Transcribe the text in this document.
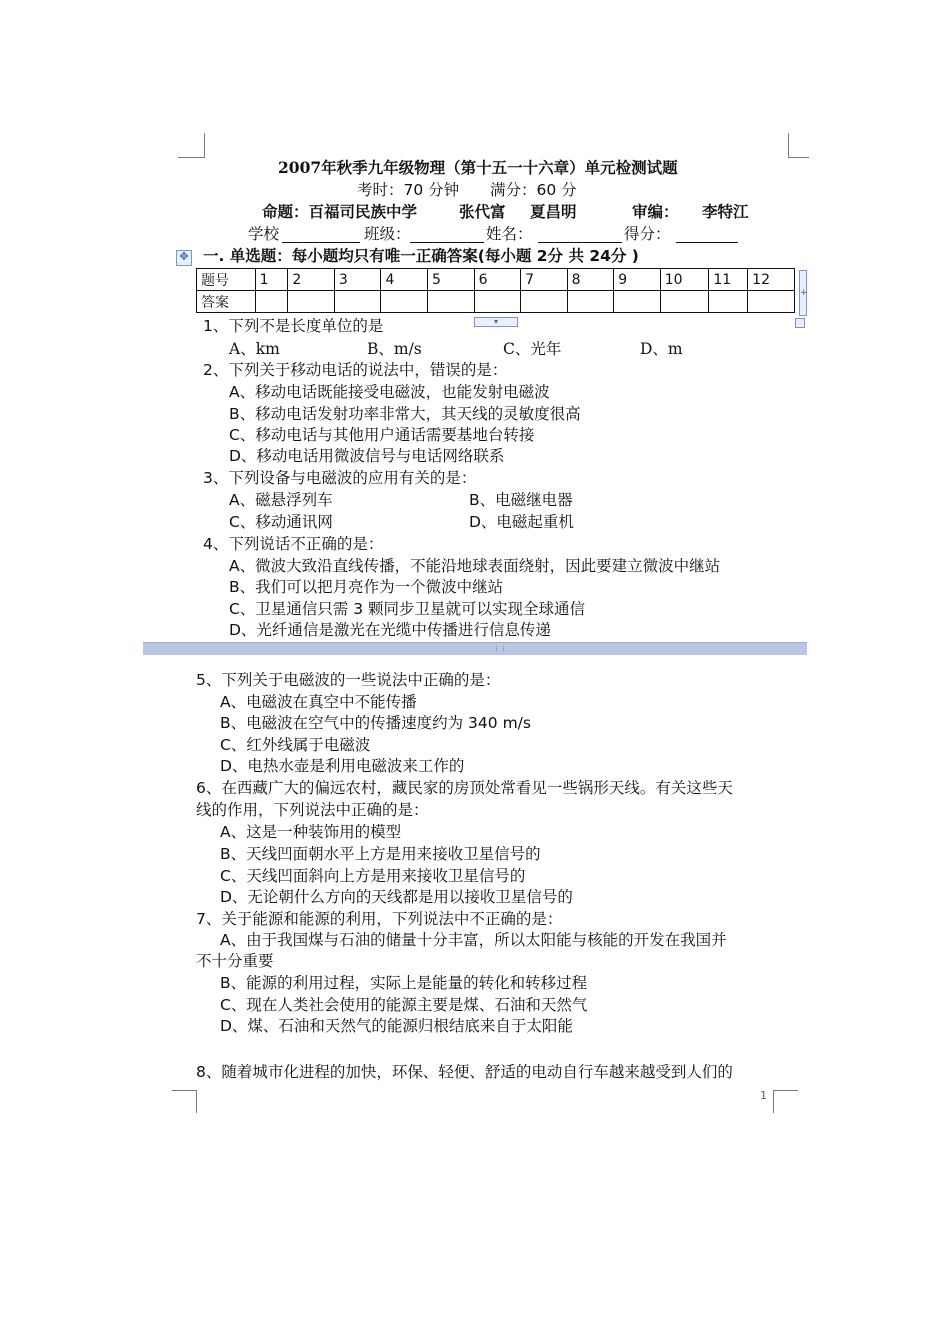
2007年秋季九年级物理（第十五一十六章）单元检测试题
考时：70 分钟 满分：60 分
命题：百福司民族中学	张代富 夏昌明	审编： 李特江
学校	班级：	姓名：	得分：
✥ 一. 单选题：每小题均只有唯一正确答案(每小题 2分 共 24分 )
题号	1	2	3	4	5	6	7	8	9	10	11	12
答案												
+
▾
1、下列不是长度单位的是
A、km	B、m/s	C、光年	D、m
2、下列关于移动电话的说法中，错误的是：
A、移动电话既能接受电磁波，也能发射电磁波
B、移动电话发射功率非常大，其天线的灵敏度很高
C、移动电话与其他用户通话需要基地台转接
D、移动电话用微波信号与电话网络联系
3、下列设备与电磁波的应用有关的是：
A、磁悬浮列车	B、电磁继电器
C、移动通讯网	D、电磁起重机
4、下列说话不正确的是：
A、微波大致沿直线传播，不能沿地球表面绕射，因此要建立微波中继站
B、我们可以把月亮作为一个微波中继站
C、卫星通信只需 3 颗同步卫星就可以实现全球通信
D、光纤通信是激光在光缆中传播进行信息传递
5、下列关于电磁波的一些说法中正确的是：
A、电磁波在真空中不能传播
B、电磁波在空气中的传播速度约为 340 m/s
C、红外线属于电磁波
D、电热水壶是利用电磁波来工作的
6、在西藏广大的偏远农村，藏民家的房顶处常看见一些锅形天线。有关这些天
线的作用，下列说法中正确的是：
A、这是一种装饰用的模型
B、天线凹面朝水平上方是用来接收卫星信号的
C、天线凹面斜向上方是用来接收卫星信号的
D、无论朝什么方向的天线都是用以接收卫星信号的
7、关于能源和能源的利用，下列说法中不正确的是：
A、由于我国煤与石油的储量十分丰富，所以太阳能与核能的开发在我国并
不十分重要
B、能源的利用过程，实际上是能量的转化和转移过程
C、现在人类社会使用的能源主要是煤、石油和天然气
D、煤、石油和天然气的能源归根结底来自于太阳能
8、随着城市化进程的加快，环保、轻便、舒适的电动自行车越来越受到人们的
1
